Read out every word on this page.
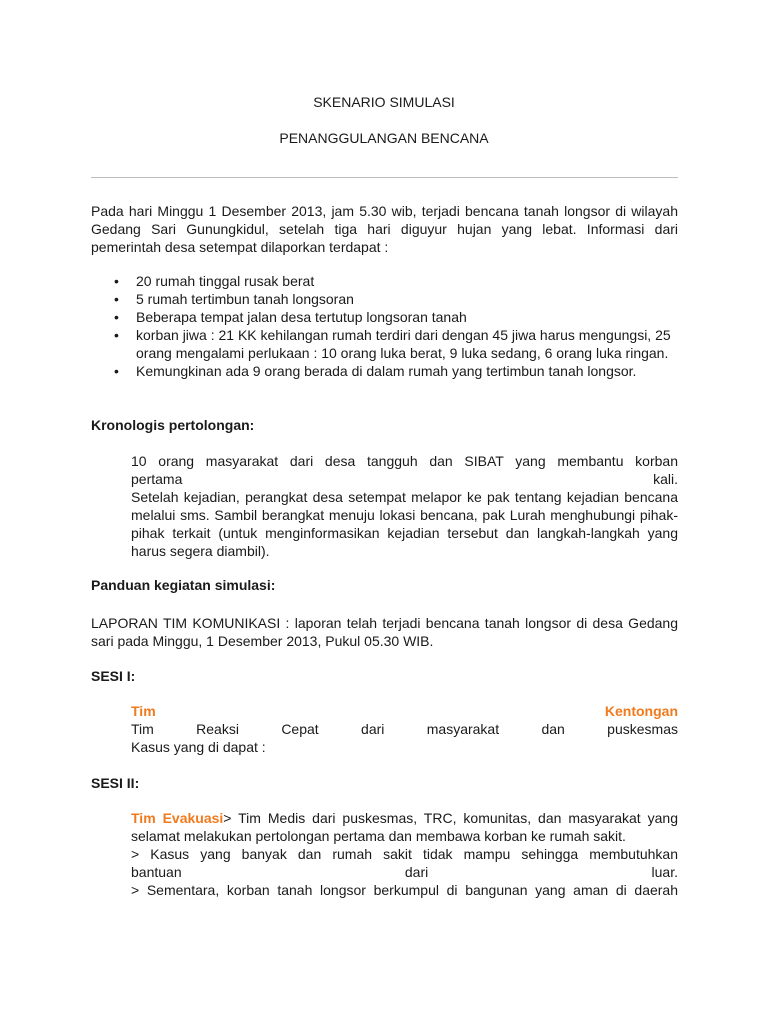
SKENARIO SIMULASI
PENANGGULANGAN BENCANA
Pada hari Minggu 1 Desember 2013, jam 5.30 wib, terjadi bencana tanah longsor di wilayah Gedang Sari Gunungkidul, setelah tiga hari diguyur hujan yang lebat. Informasi dari pemerintah desa setempat dilaporkan terdapat :
• 20 rumah tinggal rusak berat
• 5 rumah tertimbun tanah longsoran
• Beberapa tempat jalan desa tertutup longsoran tanah
• korban jiwa : 21 KK kehilangan rumah terdiri dari dengan 45 jiwa harus mengungsi, 25 orang mengalami perlukaan : 10 orang luka berat, 9 luka sedang, 6 orang luka ringan.
• Kemungkinan ada 9 orang berada di dalam rumah yang tertimbun tanah longsor.
Kronologis pertolongan:
10 orang masyarakat dari desa tangguh dan SIBAT yang membantu korban
pertama	kali.
Setelah kejadian, perangkat desa setempat melapor ke pak tentang kejadian bencana melalui sms. Sambil berangkat menuju lokasi bencana, pak Lurah menghubungi pihak-pihak terkait (untuk menginformasikan kejadian tersebut dan langkah-langkah yang harus segera diambil).
Panduan kegiatan simulasi:
LAPORAN TIM KOMUNIKASI : laporan telah terjadi bencana tanah longsor di desa Gedang sari pada Minggu, 1 Desember 2013, Pukul 05.30 WIB.
SESI I:
Tim	Kentongan
Tim Reaksi Cepat dari masyarakat dan puskesmas
Kasus yang di dapat :
SESI II:
Tim Evakuasi> Tim Medis dari puskesmas, TRC, komunitas, dan masyarakat yang selamat melakukan pertolongan pertama dan membawa korban ke rumah sakit.
> Kasus yang banyak dan rumah sakit tidak mampu sehingga membutuhkan
bantuan dari luar.
> Sementara, korban tanah longsor berkumpul di bangunan yang aman di daerah
